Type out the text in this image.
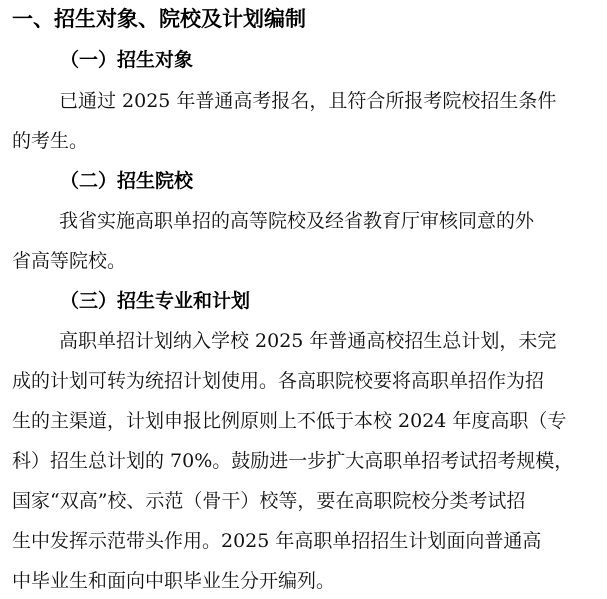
一、招生对象、院校及计划编制
（一）招生对象
已通过 2025 年普通高考报名，且符合所报考院校招生条件
的考生。
（二）招生院校
我省实施高职单招的高等院校及经省教育厅审核同意的外
省高等院校。
（三）招生专业和计划
高职单招计划纳入学校 2025 年普通高校招生总计划，未完
成的计划可转为统招计划使用。各高职院校要将高职单招作为招
生的主渠道，计划申报比例原则上不低于本校 2024 年度高职（专
科）招生总计划的 70%。鼓励进一步扩大高职单招考试招考规模，
国家“双高”校、示范（骨干）校等，要在高职院校分类考试招
生中发挥示范带头作用。2025 年高职单招招生计划面向普通高
中毕业生和面向中职毕业生分开编列。
